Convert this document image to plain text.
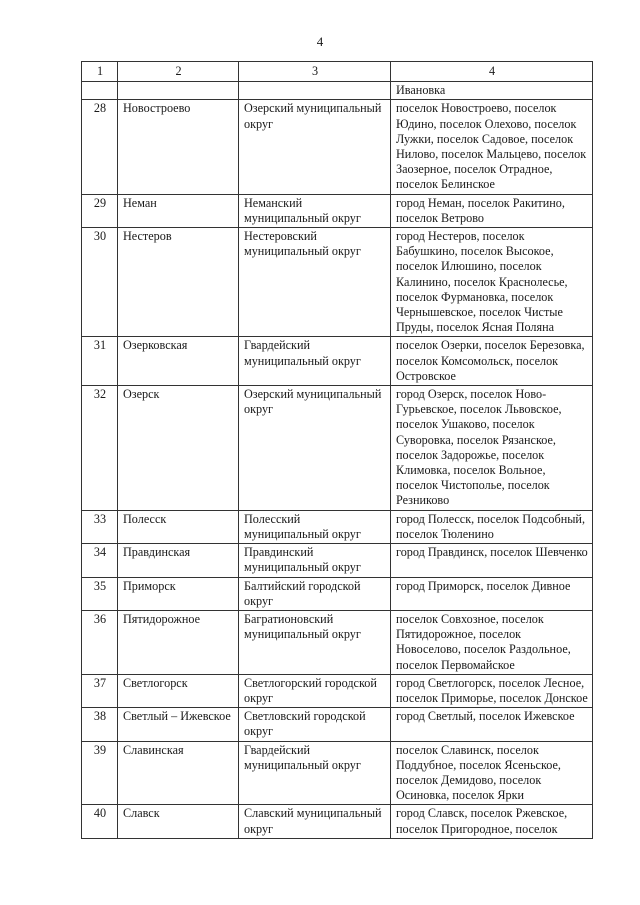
4
1	2	3	4
			Ивановка
28	Новостроево	Озерский муниципальный округ	поселок Новостроево, поселок Юдино, поселок Олехово, поселок Лужки, поселок Садовое, поселок Нилово, поселок Мальцево, поселок Заозерное, поселок Отрадное, поселок Белинское
29	Неман	Неманский муниципальный округ	город Неман, поселок Ракитино, поселок Ветрово
30	Нестеров	Нестеровский муниципальный округ	город Нестеров, поселок Бабушкино, поселок Высокое, поселок Илюшино, поселок Калинино, поселок Краснолесье, поселок Фурмановка, поселок Чернышевское, поселок Чистые Пруды, поселок Ясная Поляна
31	Озерковская	Гвардейский муниципальный округ	поселок Озерки, поселок Березовка, поселок Комсомольск, поселок Островское
32	Озерск	Озерский муниципальный округ	город Озерск, поселок Ново-Гурьевское, поселок Львовское, поселок Ушаково, поселок Суворовка, поселок Рязанское, поселок Задорожье, поселок Климовка, поселок Вольное, поселок Чистополье, поселок Резниково
33	Полесск	Полесский муниципальный округ	город Полесск, поселок Подсобный, поселок Тюленино
34	Правдинская	Правдинский муниципальный округ	город Правдинск, поселок Шевченко
35	Приморск	Балтийский городской округ	город Приморск, поселок Дивное
36	Пятидорожное	Багратионовский муниципальный округ	поселок Совхозное, поселок Пятидорожное, поселок Новоселово, поселок Раздольное, поселок Первомайское
37	Светлогорск	Светлогорский городской округ	город Светлогорск, поселок Лесное, поселок Приморье, поселок Донское
38	Светлый – Ижевское	Светловский городской округ	город Светлый, поселок Ижевское
39	Славинская	Гвардейский муниципальный округ	поселок Славинск, поселок Поддубное, поселок Ясеньское, поселок Демидово, поселок Осиновка, поселок Ярки
40	Славск	Славский муниципальный округ	город Славск, поселок Ржевское, поселок Пригородное, поселок
